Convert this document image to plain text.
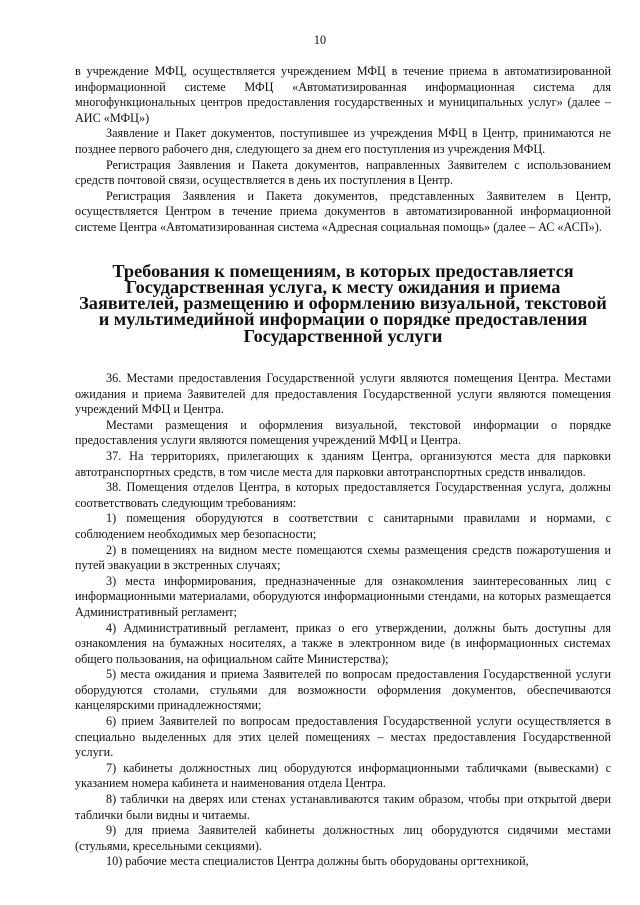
10

в учреждение МФЦ, осуществляется учреждением МФЦ в течение приема в автоматизированной информационной системе МФЦ «Автоматизированная информационная система для многофункциональных центров предоставления государственных и муниципальных услуг» (далее – АИС «МФЦ»)

Заявление и Пакет документов, поступившее из учреждения МФЦ в Центр, принимаются не позднее первого рабочего дня, следующего за днем его поступления из учреждения МФЦ.

Регистрация Заявления и Пакета документов, направленных Заявителем с использованием средств почтовой связи, осуществляется в день их поступления в Центр.

Регистрация Заявления и Пакета документов, представленных Заявителем в Центр, осуществляется Центром в течение приема документов в автоматизированной информационной системе Центра «Автоматизированная система «Адресная социальная помощь» (далее – АС «АСП»).

Требования к помещениям, в которых предоставляется Государственная услуга, к месту ожидания и приема Заявителей, размещению и оформлению визуальной, текстовой и мультимедийной информации о порядке предоставления Государственной услуги

36. Местами предоставления Государственной услуги являются помещения Центра. Местами ожидания и приема Заявителей для предоставления Государственной услуги являются помещения учреждений МФЦ и Центра.

Местами размещения и оформления визуальной, текстовой информации о порядке предоставления услуги являются помещения учреждений МФЦ и Центра.

37. На территориях, прилегающих к зданиям Центра, организуются места для парковки автотранспортных средств, в том числе места для парковки автотранспортных средств инвалидов.

38. Помещения отделов Центра, в которых предоставляется Государственная услуга, должны соответствовать следующим требованиям:

1) помещения оборудуются в соответствии с санитарными правилами и нормами, с соблюдением необходимых мер безопасности;

2) в помещениях на видном месте помещаются схемы размещения средств пожаротушения и путей эвакуации в экстренных случаях;

3) места информирования, предназначенные для ознакомления заинтересованных лиц с информационными материалами, оборудуются информационными стендами, на которых размещается Административный регламент;

4) Административный регламент, приказ о его утверждении, должны быть доступны для ознакомления на бумажных носителях, а также в электронном виде (в информационных системах общего пользования, на официальном сайте Министерства);

5) места ожидания и приема Заявителей по вопросам предоставления Государственной услуги оборудуются столами, стульями для возможности оформления документов, обеспечиваются канцелярскими принадлежностями;

6) прием Заявителей по вопросам предоставления Государственной услуги осуществляется в специально выделенных для этих целей помещениях – местах предоставления Государственной услуги.

7) кабинеты должностных лиц оборудуются информационными табличками (вывесками) с указанием номера кабинета и наименования отдела Центра.

8) таблички на дверях или стенах устанавливаются таким образом, чтобы при открытой двери таблички были видны и читаемы.

9) для приема Заявителей кабинеты должностных лиц оборудуются сидячими местами (стульями, кресельными секциями).

10) рабочие места специалистов Центра должны быть оборудованы оргтехникой,
